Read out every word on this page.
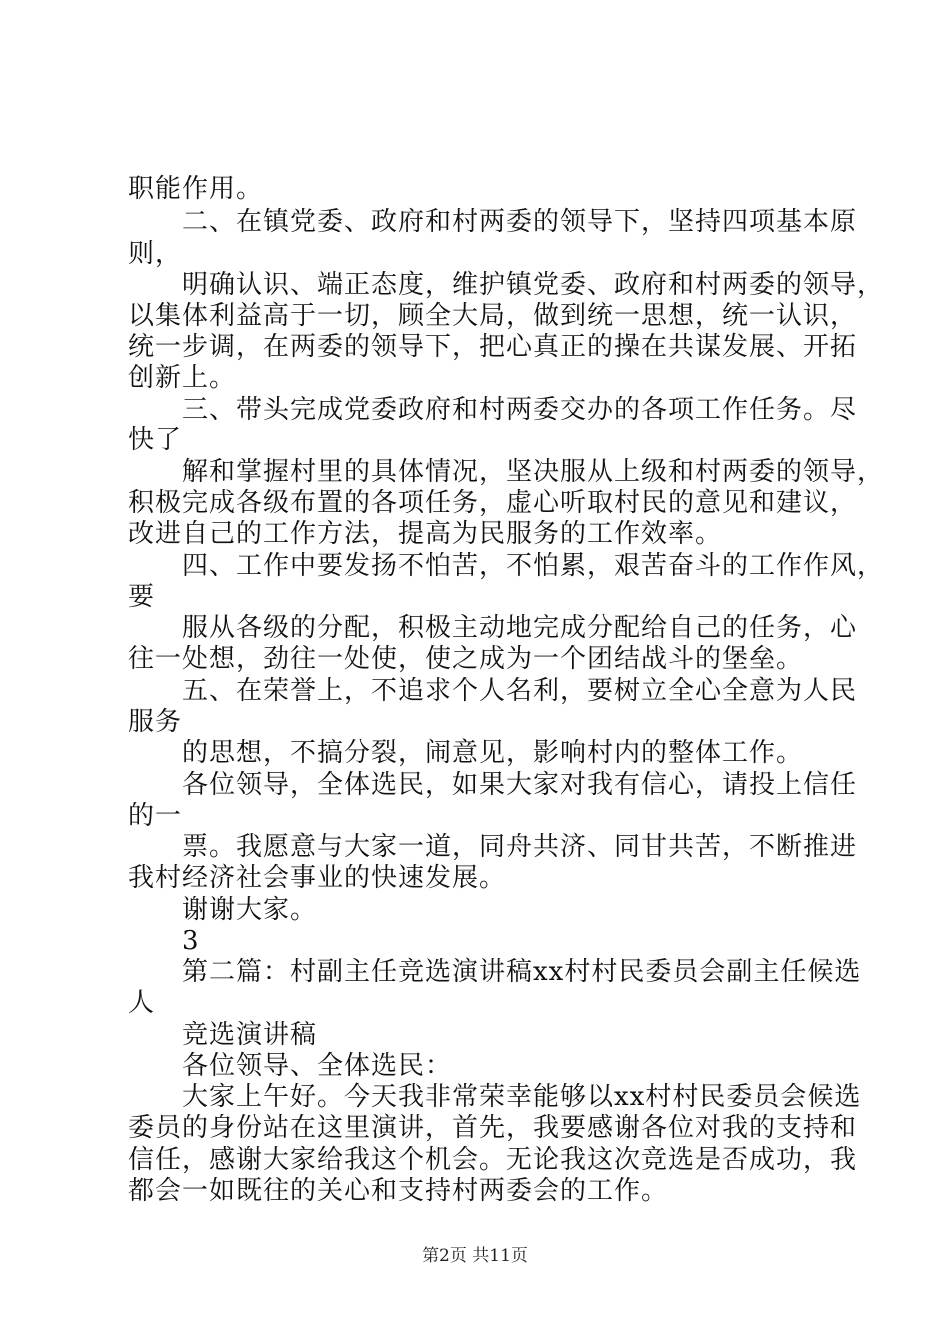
职能作用。
二、在镇党委、政府和村两委的领导下，坚持四项基本原
则，
明确认识、端正态度，维护镇党委、政府和村两委的领导，
以集体利益高于一切，顾全大局，做到统一思想，统一认识，
统一步调，在两委的领导下，把心真正的操在共谋发展、开拓
创新上。
三、带头完成党委政府和村两委交办的各项工作任务。尽
快了
解和掌握村里的具体情况，坚决服从上级和村两委的领导，
积极完成各级布置的各项任务，虚心听取村民的意见和建议，
改进自己的工作方法，提高为民服务的工作效率。
四、工作中要发扬不怕苦，不怕累，艰苦奋斗的工作作风，
要
服从各级的分配，积极主动地完成分配给自己的任务，心
往一处想，劲往一处使，使之成为一个团结战斗的堡垒。
五、在荣誉上，不追求个人名利，要树立全心全意为人民
服务
的思想，不搞分裂，闹意见，影响村内的整体工作。
各位领导，全体选民，如果大家对我有信心，请投上信任
的一
票。我愿意与大家一道，同舟共济、同甘共苦，不断推进
我村经济社会事业的快速发展。
谢谢大家。
3
第二篇：村副主任竞选演讲稿xx村村民委员会副主任候选
人
竞选演讲稿
各位领导、全体选民：
大家上午好。今天我非常荣幸能够以xx村村民委员会候选
委员的身份站在这里演讲，首先，我要感谢各位对我的支持和
信任，感谢大家给我这个机会。无论我这次竞选是否成功，我
都会一如既往的关心和支持村两委会的工作。
第2页 共11页
